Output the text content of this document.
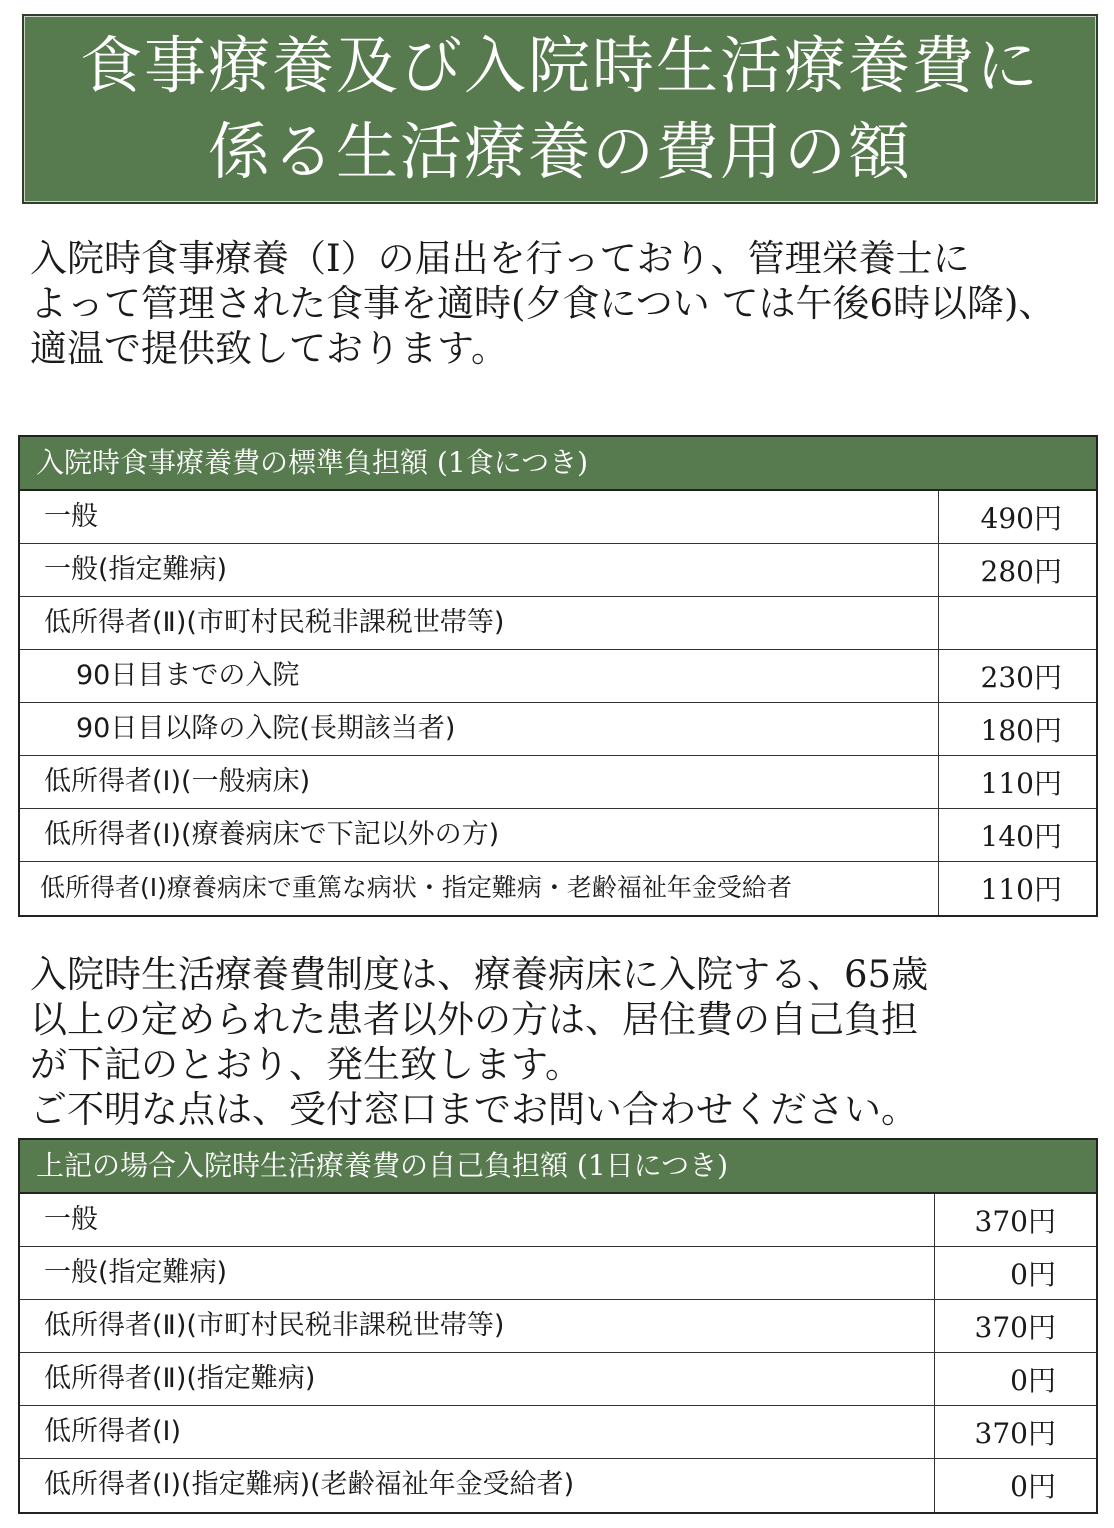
食事療養及び入院時生活療養費に
係る生活療養の費用の額
入院時食事療養（Ⅰ）の届出を行っており、管理栄養士に
よって管理された食事を適時(夕食につい ては午後6時以降)、
適温で提供致しております。
入院時食事療養費の標準負担額 (1食につき)
一般	490円
一般(指定難病)	280円
低所得者(Ⅱ)(市町村民税非課税世帯等)
90日目までの入院	230円
90日目以降の入院(長期該当者)	180円
低所得者(Ⅰ)(一般病床)	110円
低所得者(Ⅰ)(療養病床で下記以外の方)	140円
低所得者(Ⅰ)療養病床で重篤な病状・指定難病・老齢福祉年金受給者	110円
入院時生活療養費制度は、療養病床に入院する、65歳
以上の定められた患者以外の方は、居住費の自己負担
が下記のとおり、発生致します。
ご不明な点は、受付窓口までお問い合わせください。
上記の場合入院時生活療養費の自己負担額 (1日につき)
一般	370円
一般(指定難病)	0円
低所得者(Ⅱ)(市町村民税非課税世帯等)	370円
低所得者(Ⅱ)(指定難病)	0円
低所得者(Ⅰ)	370円
低所得者(Ⅰ)(指定難病)(老齢福祉年金受給者)	0円
